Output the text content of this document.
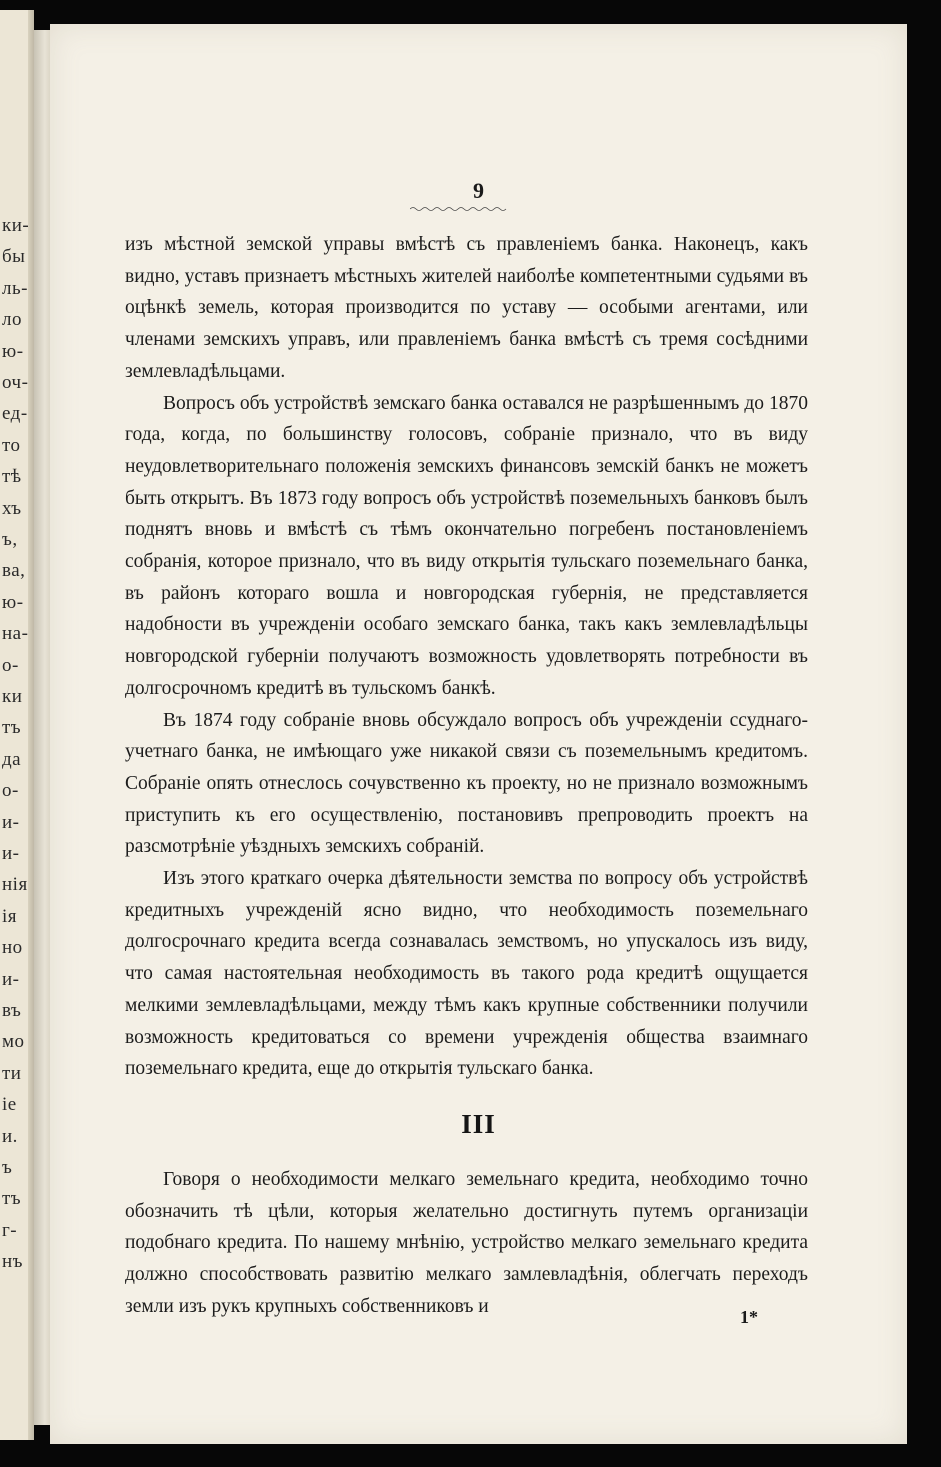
ки-
бы
ль-
ло
ю-
оч-
ед-
то
тѣ
хъ
ъ,
ва,
ю-
на-
о-
ки
тъ
да
о-
и-
и-
нія
ія
но
и-
въ
мо
ти
іе
и.
ъ
тъ
г-
нъ
9

изъ мѣстной земской управы вмѣстѣ съ правленіемъ банка. Наконецъ, какъ видно, уставъ признаетъ мѣстныхъ жителей наиболѣе компетентными судьями въ оцѣнкѣ земель, которая производится по уставу — особыми агентами, или членами земскихъ управъ, или правленіемъ банка вмѣстѣ съ тремя сосѣдними землевладѣльцами.

Вопросъ объ устройствѣ земскаго банка оставался не разрѣшеннымъ до 1870 года, когда, по большинству голосовъ, собраніе признало, что въ виду неудовлетворительнаго положенія земскихъ финансовъ земскій банкъ не можетъ быть открытъ. Въ 1873 году вопросъ объ устройствѣ поземельныхъ банковъ былъ поднятъ вновь и вмѣстѣ съ тѣмъ окончательно погребенъ постановленіемъ собранія, которое признало, что въ виду открытія тульскаго поземельнаго банка, въ районъ котораго вошла и новгородская губернія, не представляется надобности въ учрежденіи особаго земскаго банка, такъ какъ землевладѣльцы новгородской губерніи получаютъ возможность удовлетворять потребности въ долгосрочномъ кредитѣ въ тульскомъ банкѣ.

Въ 1874 году собраніе вновь обсуждало вопросъ объ учрежденіи ссуднаго-учетнаго банка, не имѣющаго уже никакой связи съ поземельнымъ кредитомъ. Собраніе опять отнеслось сочувственно къ проекту, но не признало возможнымъ приступить къ его осуществленію, постановивъ препроводить проектъ на разсмотрѣніе уѣздныхъ земскихъ собраній.

Изъ этого краткаго очерка дѣятельности земства по вопросу объ устройствѣ кредитныхъ учрежденій ясно видно, что необходимость поземельнаго долгосрочнаго кредита всегда сознавалась земствомъ, но упускалось изъ виду, что самая настоятельная необходимость въ такого рода кредитѣ ощущается мелкими землевладѣльцами, между тѣмъ какъ крупные собственники получили возможность кредитоваться со времени учрежденія общества взаимнаго поземельнаго кредита, еще до открытія тульскаго банка.

III

Говоря о необходимости мелкаго земельнаго кредита, необходимо точно обозначить тѣ цѣли, которыя желательно достигнуть путемъ организаціи подобнаго кредита. По нашему мнѣнію, устройство мелкаго земельнаго кредита должно способствовать развитію мелкаго замлевладѣнія, облегчать переходъ земли изъ рукъ крупныхъ собственниковъ и

1*
